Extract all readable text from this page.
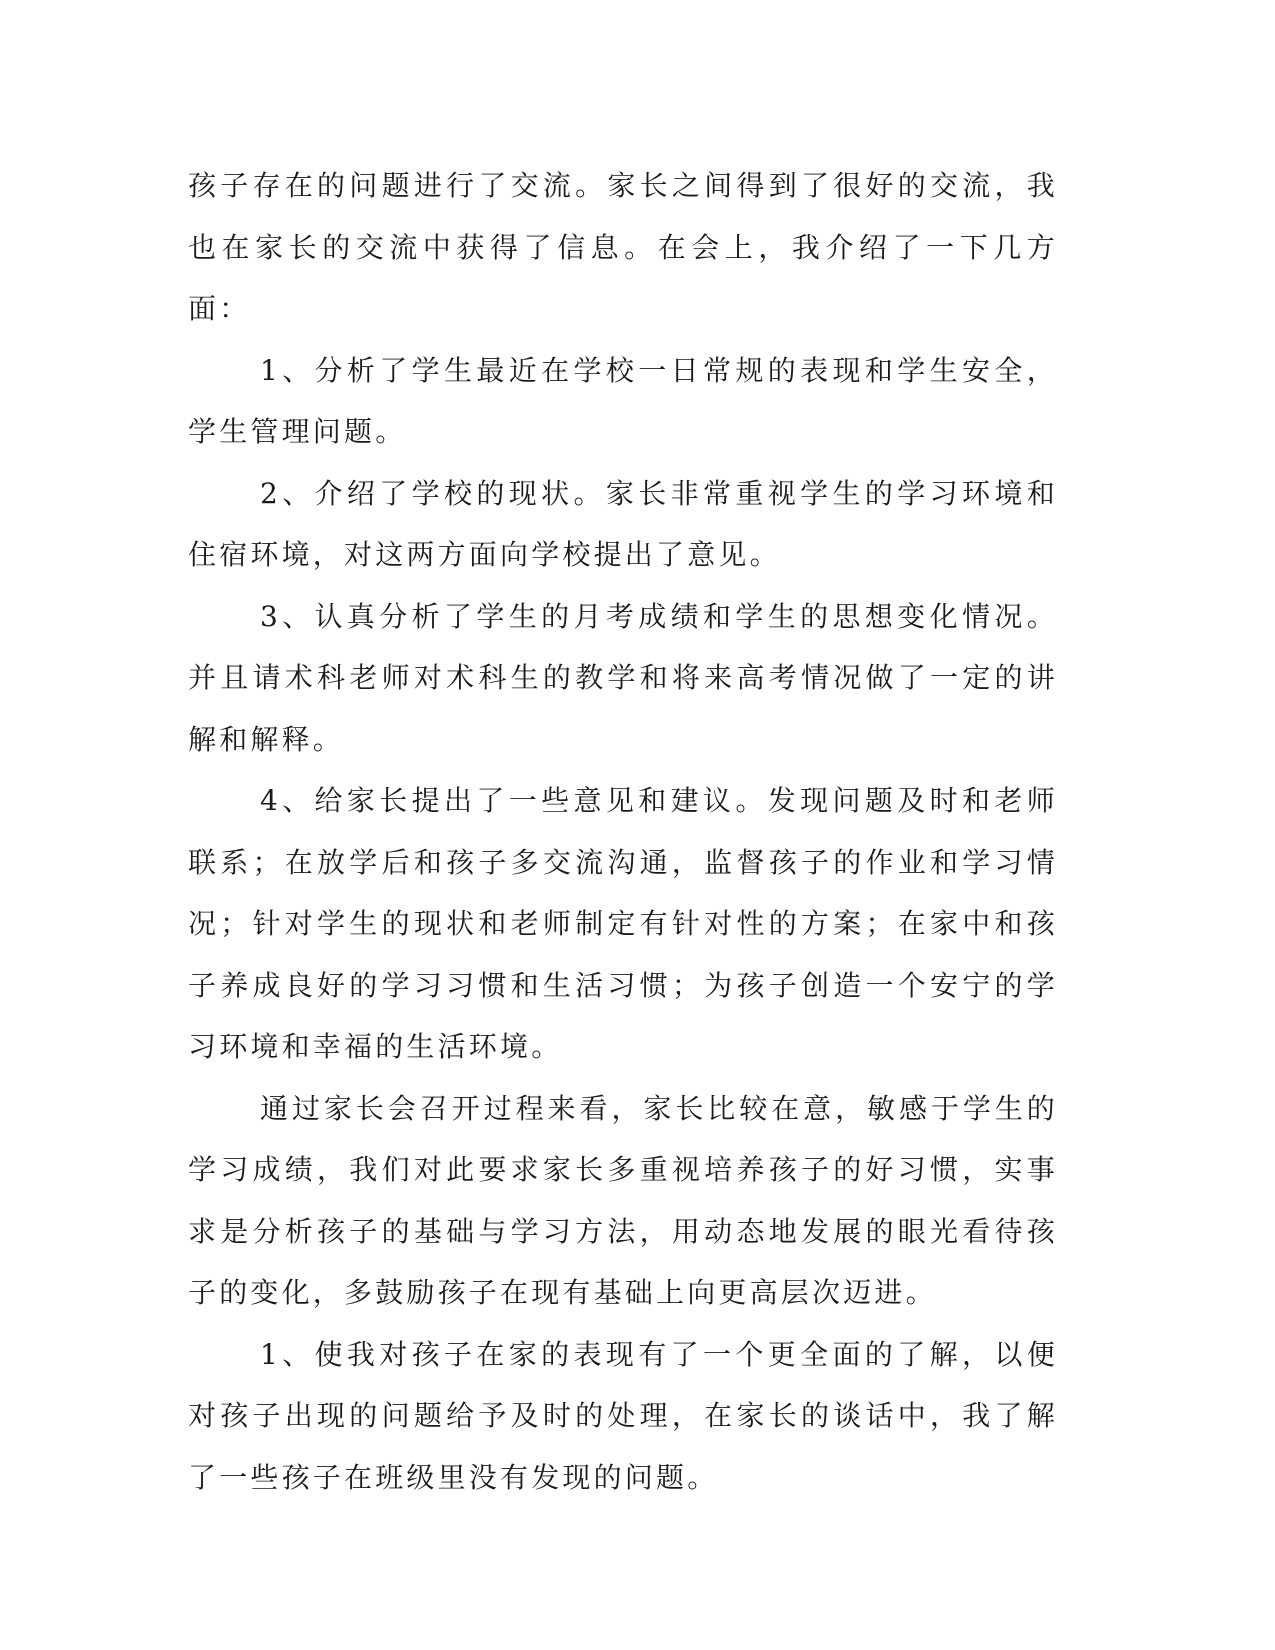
孩子存在的问题进行了交流。家长之间得到了很好的交流，我也在家长的交流中获得了信息。在会上，我介绍了一下几方面：

1、分析了学生最近在学校一日常规的表现和学生安全，学生管理问题。

2、介绍了学校的现状。家长非常重视学生的学习环境和住宿环境，对这两方面向学校提出了意见。

3、认真分析了学生的月考成绩和学生的思想变化情况。并且请术科老师对术科生的教学和将来高考情况做了一定的讲解和解释。

4、给家长提出了一些意见和建议。发现问题及时和老师联系；在放学后和孩子多交流沟通，监督孩子的作业和学习情况；针对学生的现状和老师制定有针对性的方案；在家中和孩子养成良好的学习习惯和生活习惯；为孩子创造一个安宁的学习环境和幸福的生活环境。

通过家长会召开过程来看，家长比较在意，敏感于学生的学习成绩，我们对此要求家长多重视培养孩子的好习惯，实事求是分析孩子的基础与学习方法，用动态地发展的眼光看待孩子的变化，多鼓励孩子在现有基础上向更高层次迈进。

1、使我对孩子在家的表现有了一个更全面的了解，以便对孩子出现的问题给予及时的处理，在家长的谈话中，我了解了一些孩子在班级里没有发现的问题。
